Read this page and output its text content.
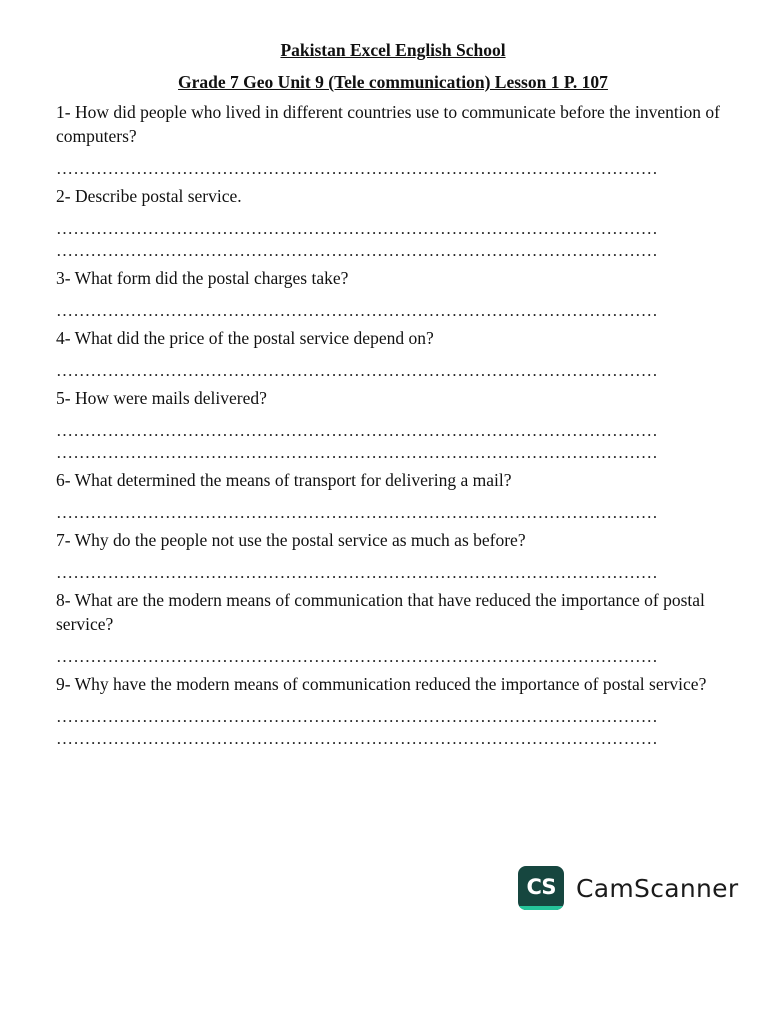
Pakistan Excel English School

Grade 7 Geo Unit 9 (Tele communication) Lesson 1 P. 107

1- How did people who lived in different countries use to communicate before the invention of computers?

……………………………………………………………………………………………

2- Describe postal service.

……………………………………………………………………………………………
……………………………………………………………………………………………

3- What form did the postal charges take?

……………………………………………………………………………………………

4- What did the price of the postal service depend on?

……………………………………………………………………………………………

5- How were mails delivered?

……………………………………………………………………………………………
……………………………………………………………………………………………

6- What determined the means of transport for delivering a mail?

……………………………………………………………………………………………

7- Why do the people not use the postal service as much as before?

……………………………………………………………………………………………

8- What are the modern means of communication that have reduced the importance of postal service?

……………………………………………………………………………………………

9- Why have the modern means of communication reduced the importance of postal service?

……………………………………………………………………………………………
……………………………………………………………………………………………
CS CamScanner
